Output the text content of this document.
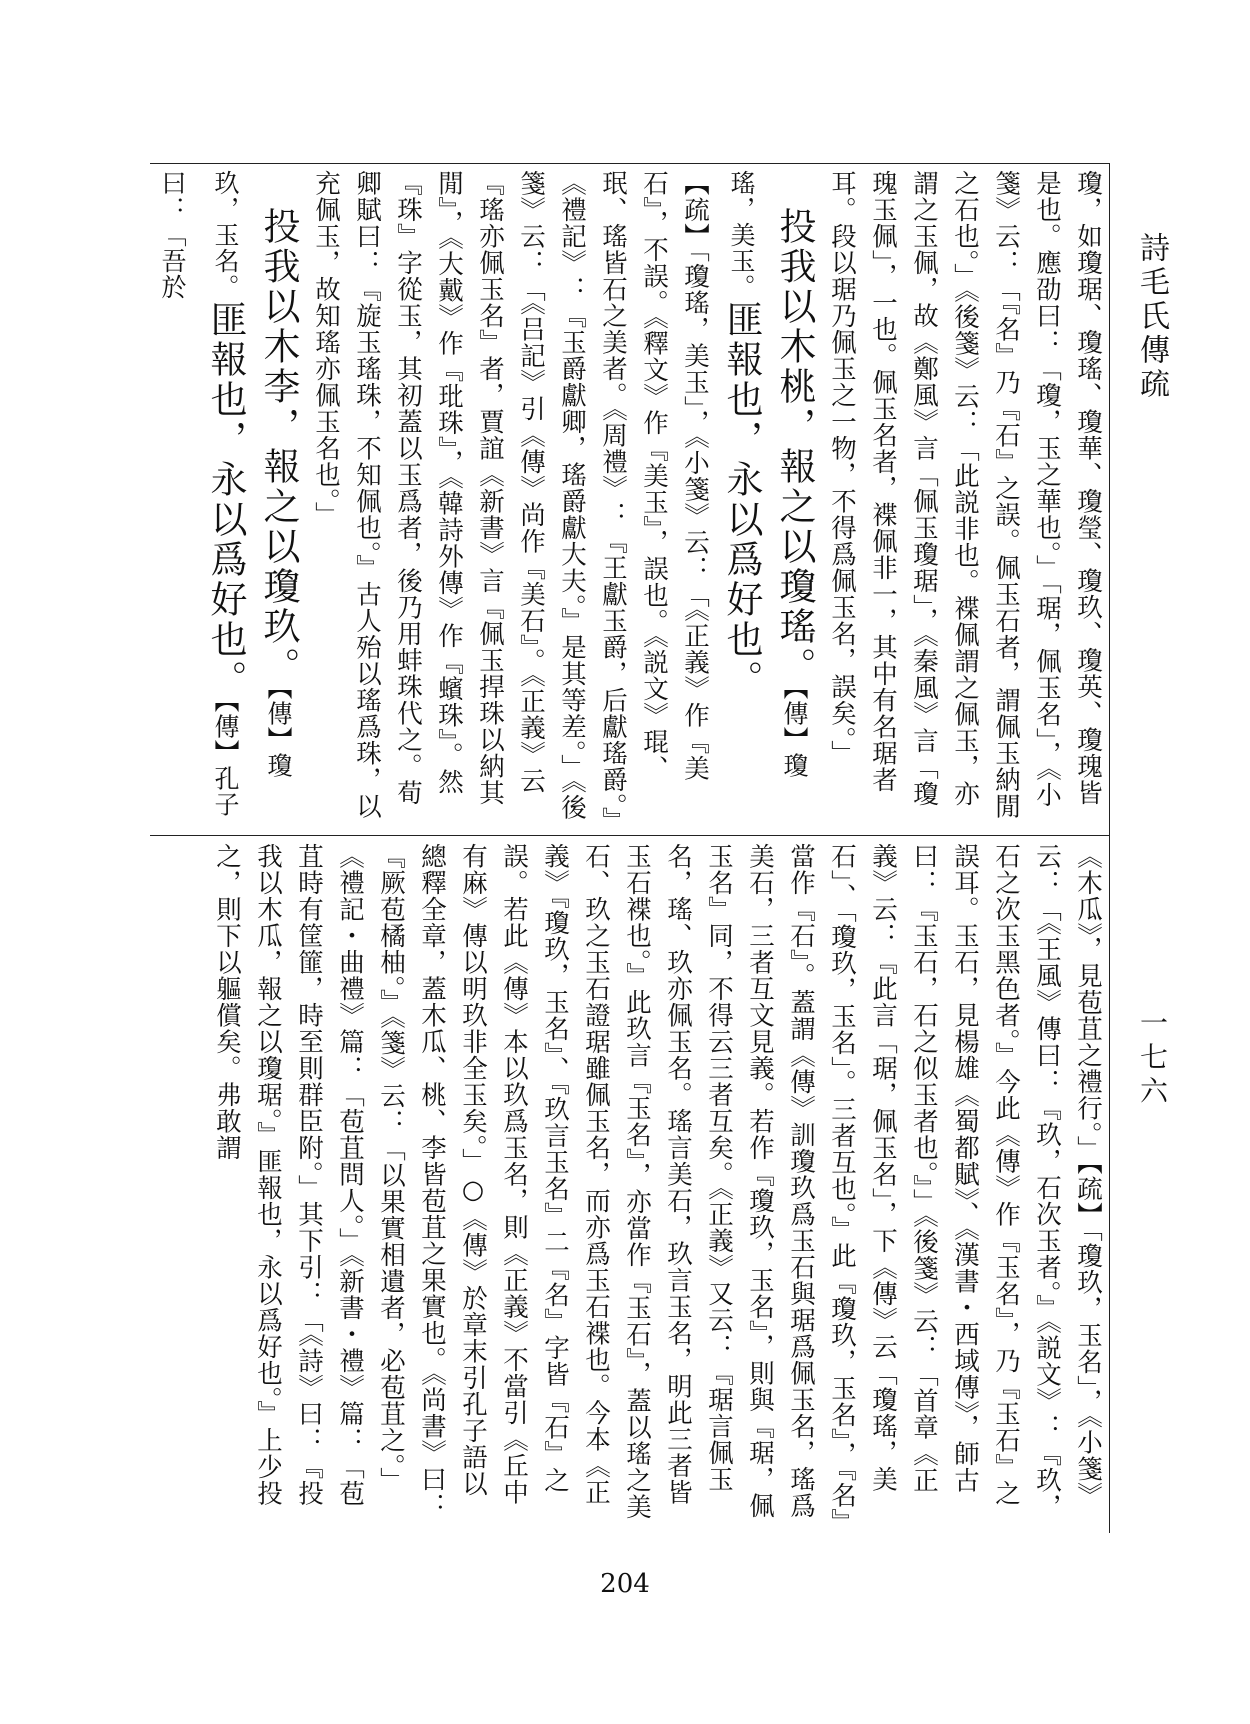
詩毛氏傳疏
一七六

瓊，如瓊琚、瓊瑤、瓊華、瓊瑩、瓊玖、瓊英、瓊瑰皆是也。應劭曰：「瓊，玉之華也。」「琚，佩玉名」，《小箋》云：「『名』乃『石』之誤。佩玉石者，謂佩玉納閒之石也。」《後箋》云：「此説非也。褋佩謂之佩玉，亦謂之玉佩，故《鄭風》言「佩玉瓊琚」，《秦風》言「瓊瑰玉佩」，一也。佩玉名者，褋佩非一，其中有名琚者耳。段以琚乃佩玉之一物，不得爲佩玉名，誤矣。」

投我以木桃，報之以瓊瑤。【傳】瓊瑤，美玉。匪報也，永以爲好也。

【疏】「瓊瑤，美玉」，《小箋》云：「《正義》作『美石』，不誤。《釋文》作『美玉』，誤也。《説文》琨、珉、瑤皆石之美者。《周禮》：『王獻玉爵，后獻瑤爵。』《禮記》：『玉爵獻卿，瑤爵獻大夫。』是其等差。」《後箋》云：「《吕記》引《傳》尚作『美石』。《正義》云『瑤亦佩玉名』者，賈誼《新書》言『佩玉捍珠以納其閒』，《大戴》作『玭珠』，《韓詩外傳》作『蠙珠』。然『珠』字從玉，其初蓋以玉爲者，後乃用蚌珠代之。荀卿賦曰：『旋玉瑤珠，不知佩也。』古人殆以瑤爲珠，以充佩玉，故知瑤亦佩玉名也。」

投我以木李，報之以瓊玖。【傳】瓊玖，玉名。匪報也，永以爲好也。【傳】孔子曰：「吾於

《木瓜》，見苞苴之禮行。」【疏】「瓊玖，玉名」，《小箋》云：「《王風》傳曰：『玖，石次玉者。』《説文》：『玖，石之次玉黑色者。』今此《傳》作『玉名』，乃『玉石』之誤耳。玉石，見楊雄《蜀都賦》、《漢書・西域傳》，師古曰：『玉石，石之似玉者也。』」《後箋》云：「首章《正義》云：『此言「琚，佩玉名」，下《傳》云「瓊瑤，美石」、「瓊玖，玉名」。三者互也。』此『瓊玖，玉名』，『名』當作『石』。蓋謂《傳》訓瓊玖爲玉石與琚爲佩玉名，瑤爲美石，三者互文見義。若作『瓊玖，玉名』，則與『琚，佩玉名』同，不得云三者互矣。《正義》又云：『琚言佩玉名，瑤、玖亦佩玉名。瑤言美石，玖言玉名，明此三者皆玉石褋也。』此玖言『玉名』，亦當作『玉石』，蓋以瑤之美石、玖之玉石證琚雖佩玉名，而亦爲玉石褋也。今本《正義》『瓊玖，玉名』、『玖言玉名』二『名』字皆『石』之誤。若此《傳》本以玖爲玉名，則《正義》不當引《丘中有麻》傳以明玖非全玉矣。」○《傳》於章末引孔子語以總釋全章，蓋木瓜、桃、李皆苞苴之果實也。《尚書》曰：『厥苞橘柚。』《箋》云：「以果實相遺者，必苞苴之。」《禮記・曲禮》篇：「苞苴問人。」《新書・禮》篇：「苞苴時有筐篚，時至則群臣附。」其下引：「《詩》曰：『投我以木瓜，報之以瓊琚。』匪報也，永以爲好也。』上少投之，則下以軀償矣。弗敢謂

204
